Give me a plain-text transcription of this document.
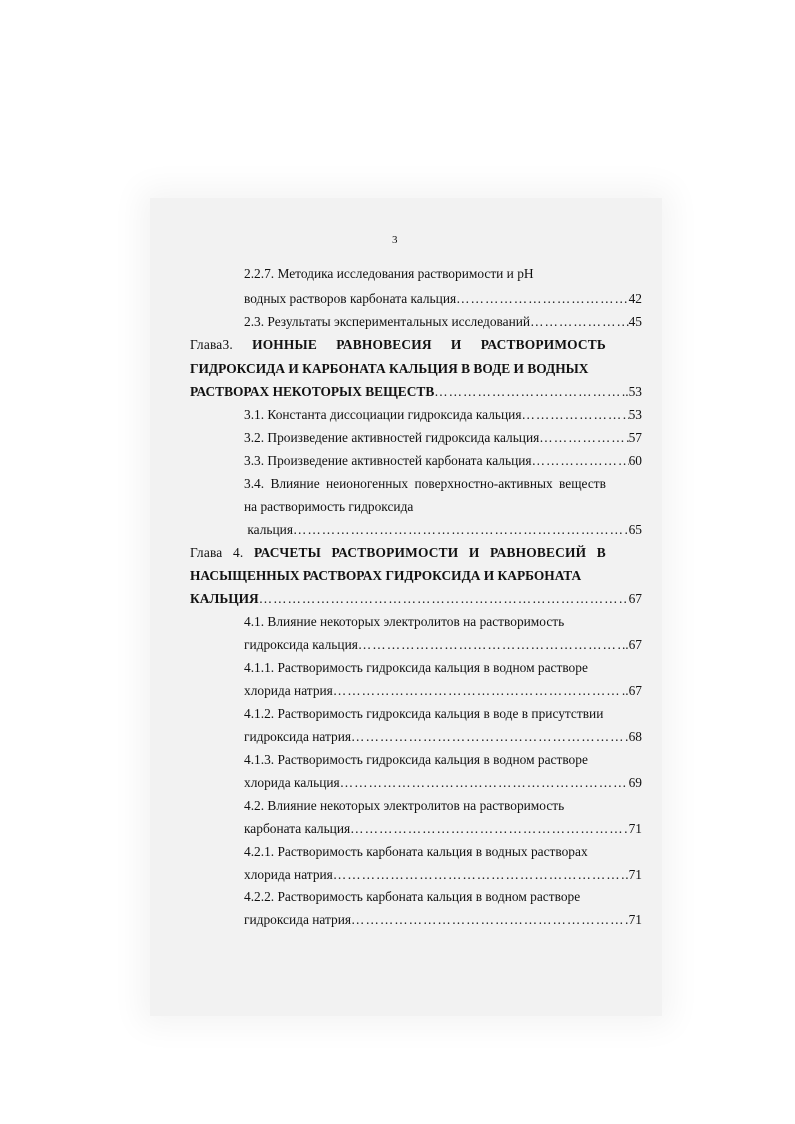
3
2.2.7. Методика исследования растворимости и pH
водных растворов карбоната кальция ………………………………………………………………………………………………………………………………………	42
2.3. Результаты экспериментальных исследований ………………………………………………………………………………………………………………………………………	45
Глава3. ИОННЫЕ РАВНОВЕСИЯ И РАСТВОРИМОСТЬ
ГИДРОКСИДА И КАРБОНАТА КАЛЬЦИЯ В ВОДЕ И ВОДНЫХ
РАСТВОРАХ НЕКОТОРЫХ ВЕЩЕСТВ ………………………………………………………………………………………………………………………………………	..53
3.1. Константа диссоциации гидроксида кальция ………………………………………………………………………………………………………………………………………	53
3.2. Произведение активностей гидроксида кальция ………………………………………………………………………………………………………………………………………	57
3.3. Произведение активностей карбоната кальция ………………………………………………………………………………………………………………………………………	60
3.4. Влияние неионогенных поверхностно-активных веществ
на растворимость гидроксида
кальция ………………………………………………………………………………………………………………………………………	65
Глава 4. РАСЧЕТЫ РАСТВОРИМОСТИ И РАВНОВЕСИЙ В
НАСЫЩЕННЫХ РАСТВОРАХ ГИДРОКСИДА И КАРБОНАТА
КАЛЬЦИЯ ………………………………………………………………………………………………………………………………………	67
4.1. Влияние некоторых электролитов на растворимость
гидроксида кальция ………………………………………………………………………………………………………………………………………	.67
4.1.1. Растворимость гидроксида кальция в водном растворе
хлорида натрия ………………………………………………………………………………………………………………………………………	..67
4.1.2. Растворимость гидроксида кальция в воде в присутствии
гидроксида натрия ………………………………………………………………………………………………………………………………………	68
4.1.3. Растворимость гидроксида кальция в водном растворе
хлорида кальция ………………………………………………………………………………………………………………………………………	69
4.2. Влияние некоторых электролитов на растворимость
карбоната кальция ………………………………………………………………………………………………………………………………………	71
4.2.1. Растворимость карбоната кальция в водных растворах
хлорида натрия ………………………………………………………………………………………………………………………………………	.71
4.2.2. Растворимость карбоната кальция в водном растворе
гидроксида натрия ………………………………………………………………………………………………………………………………………	71
